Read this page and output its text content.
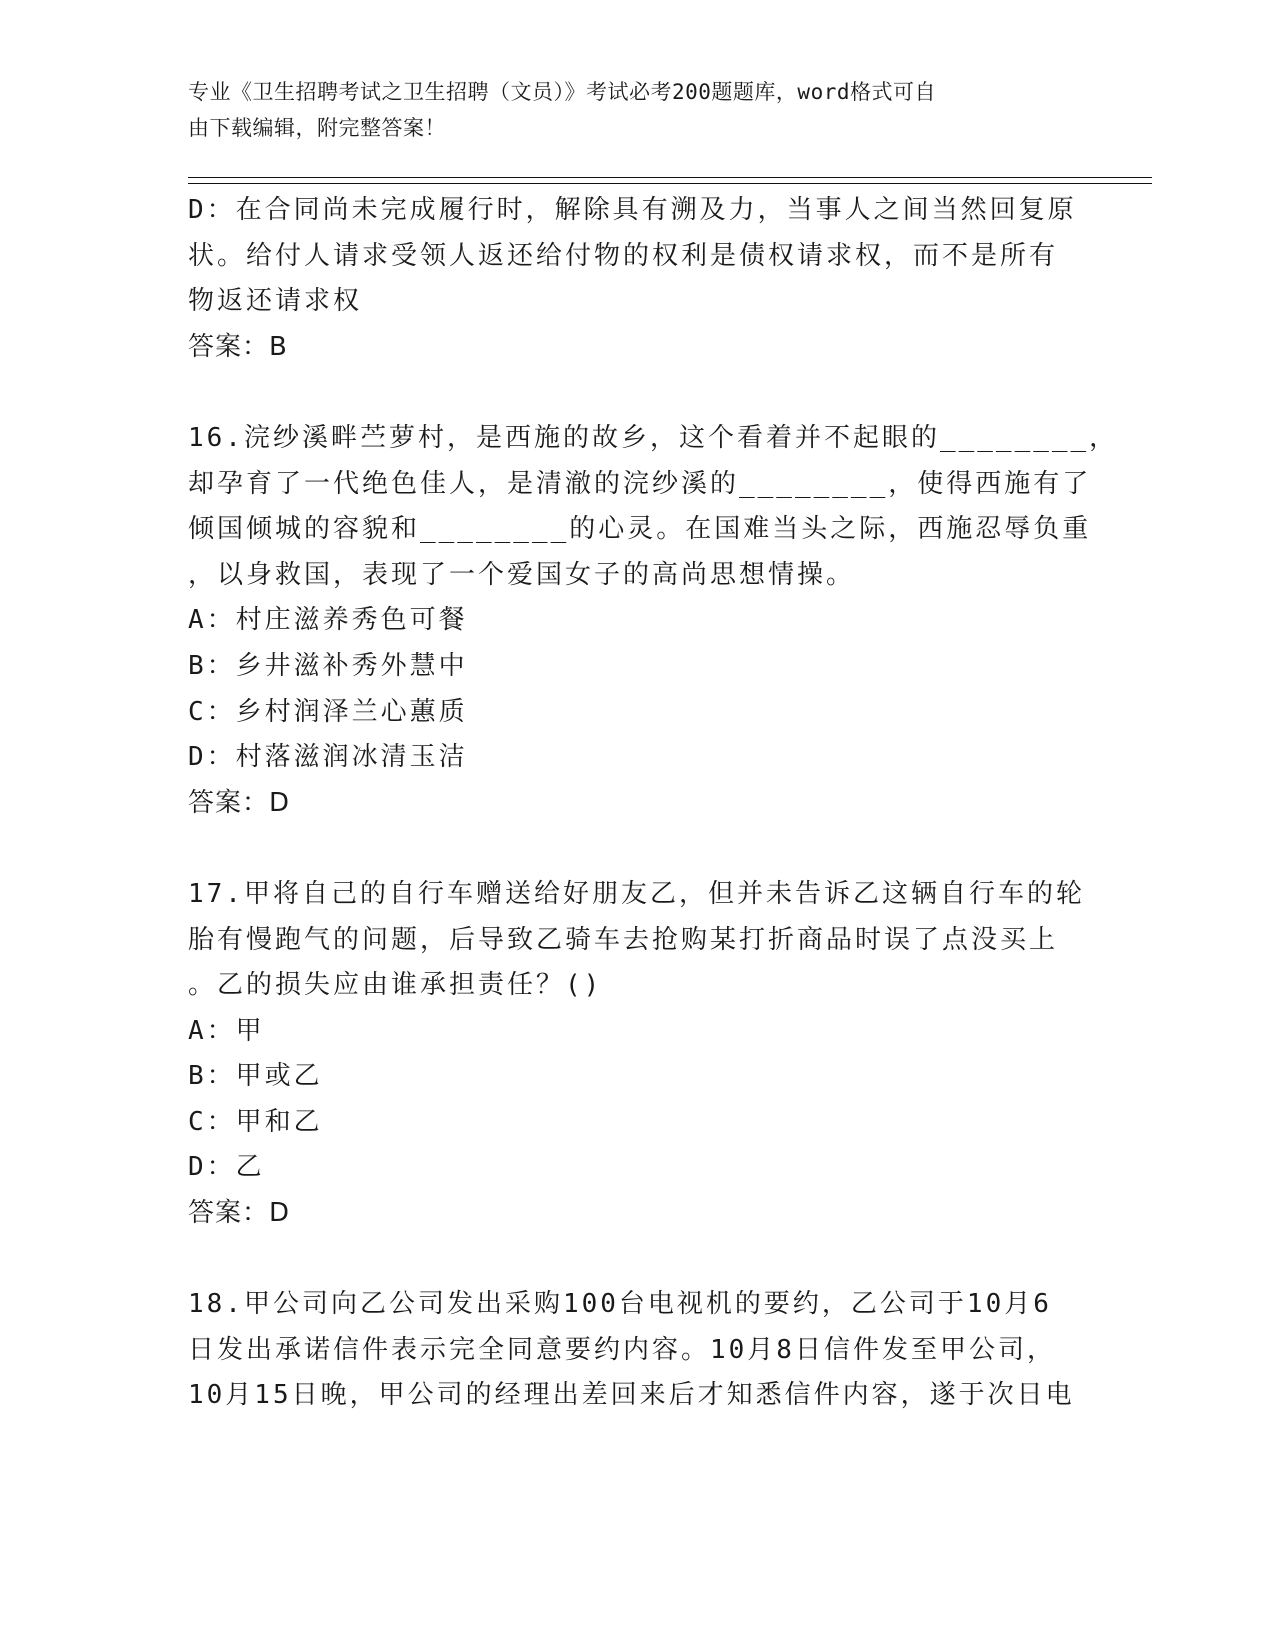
专业《卫生招聘考试之卫生招聘（文员）》考试必考200题题库，word格式可自
由下载编辑，附完整答案！
D：在合同尚未完成履行时，解除具有溯及力，当事人之间当然回复原
状。给付人请求受领人返还给付物的权利是债权请求权，而不是所有
物返还请求权
答案：B
16.浣纱溪畔苎萝村，是西施的故乡，这个看着并不起眼的________，
却孕育了一代绝色佳人，是清澈的浣纱溪的________，使得西施有了
倾国倾城的容貌和________的心灵。在国难当头之际，西施忍辱负重
，以身救国，表现了一个爱国女子的高尚思想情操。
A：村庄滋养秀色可餐
B：乡井滋补秀外慧中
C：乡村润泽兰心蕙质
D：村落滋润冰清玉洁
答案：D
17.甲将自己的自行车赠送给好朋友乙，但并未告诉乙这辆自行车的轮
胎有慢跑气的问题，后导致乙骑车去抢购某打折商品时误了点没买上
。乙的损失应由谁承担责任？()
A：甲
B：甲或乙
C：甲和乙
D：乙
答案：D
18.甲公司向乙公司发出采购100台电视机的要约，乙公司于10月6
日发出承诺信件表示完全同意要约内容。10月8日信件发至甲公司，
10月15日晚，甲公司的经理出差回来后才知悉信件内容，遂于次日电
